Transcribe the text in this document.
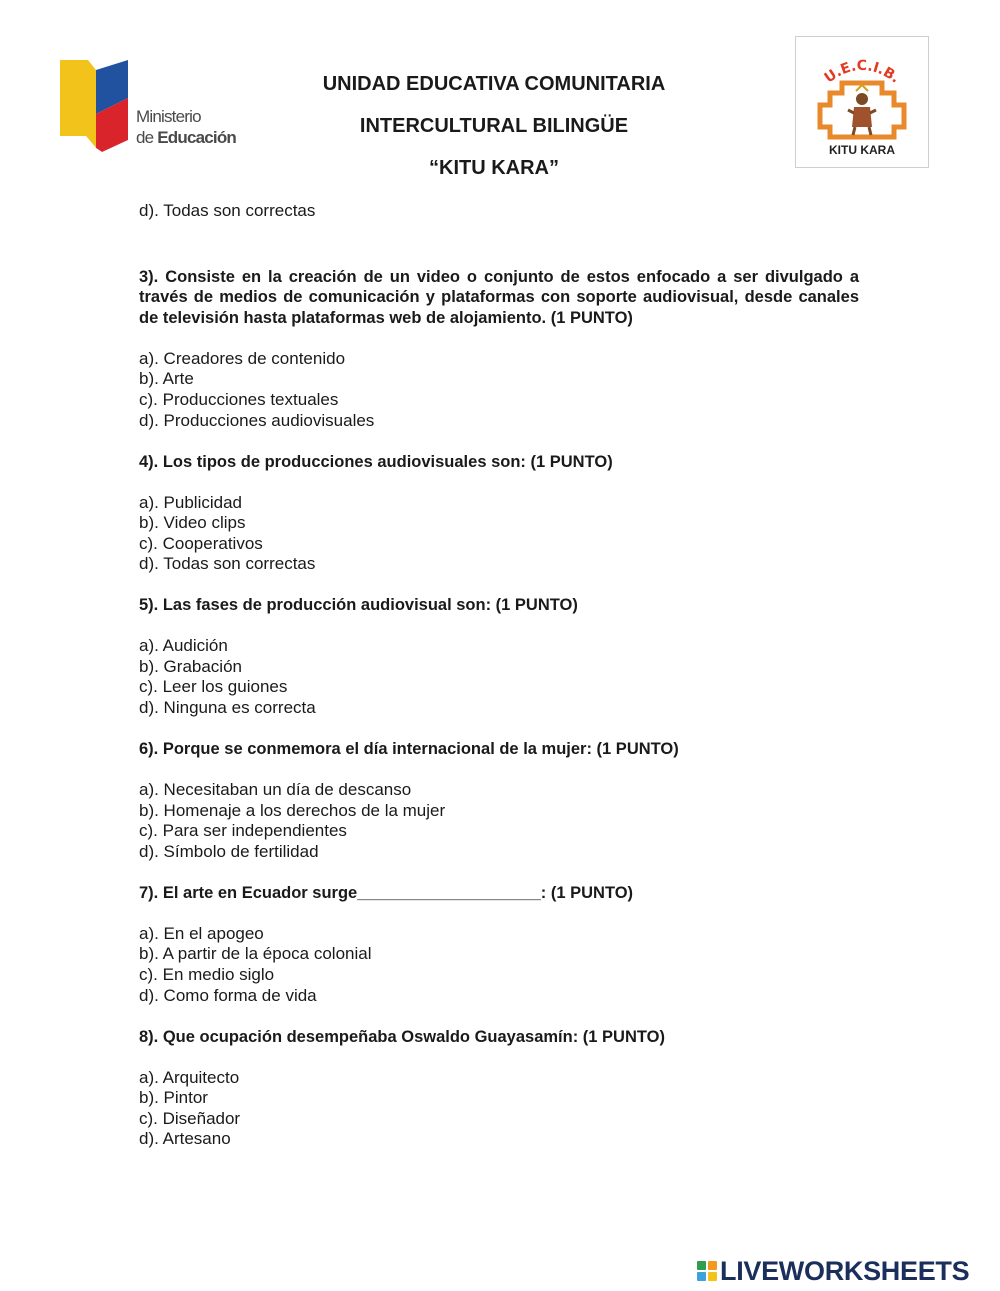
Ministerio
de Educación
UNIDAD EDUCATIVA COMUNITARIA
INTERCULTURAL BILINGÜE
“KITU KARA”
U.E.C.I.B.
KITU KARA
d). Todas son correctas
3). Consiste en la creación de un video o conjunto de estos enfocado a ser divulgado a través de medios de comunicación y plataformas con soporte audiovisual, desde canales de televisión hasta plataformas web de alojamiento. (1 PUNTO)
a). Creadores de contenido
b). Arte
c). Producciones textuales
d). Producciones audiovisuales
4). Los tipos de producciones audiovisuales son: (1 PUNTO)
a). Publicidad
b). Video clips
c). Cooperativos
d). Todas son correctas
5). Las fases de producción audiovisual son: (1 PUNTO)
a). Audición
b). Grabación
c). Leer los guiones
d). Ninguna es correcta
6). Porque se conmemora el día internacional de la mujer: (1 PUNTO)
a). Necesitaban un día de descanso
b). Homenaje a los derechos de la mujer
c). Para ser independientes
d). Símbolo de fertilidad
7). El arte en Ecuador surge____________________: (1 PUNTO)
a). En el apogeo
b). A partir de la época colonial
c). En medio siglo
d). Como forma de vida
8). Que ocupación desempeñaba Oswaldo Guayasamín: (1 PUNTO)
a). Arquitecto
b). Pintor
c). Diseñador
d). Artesano
LIVEWORKSHEETS
